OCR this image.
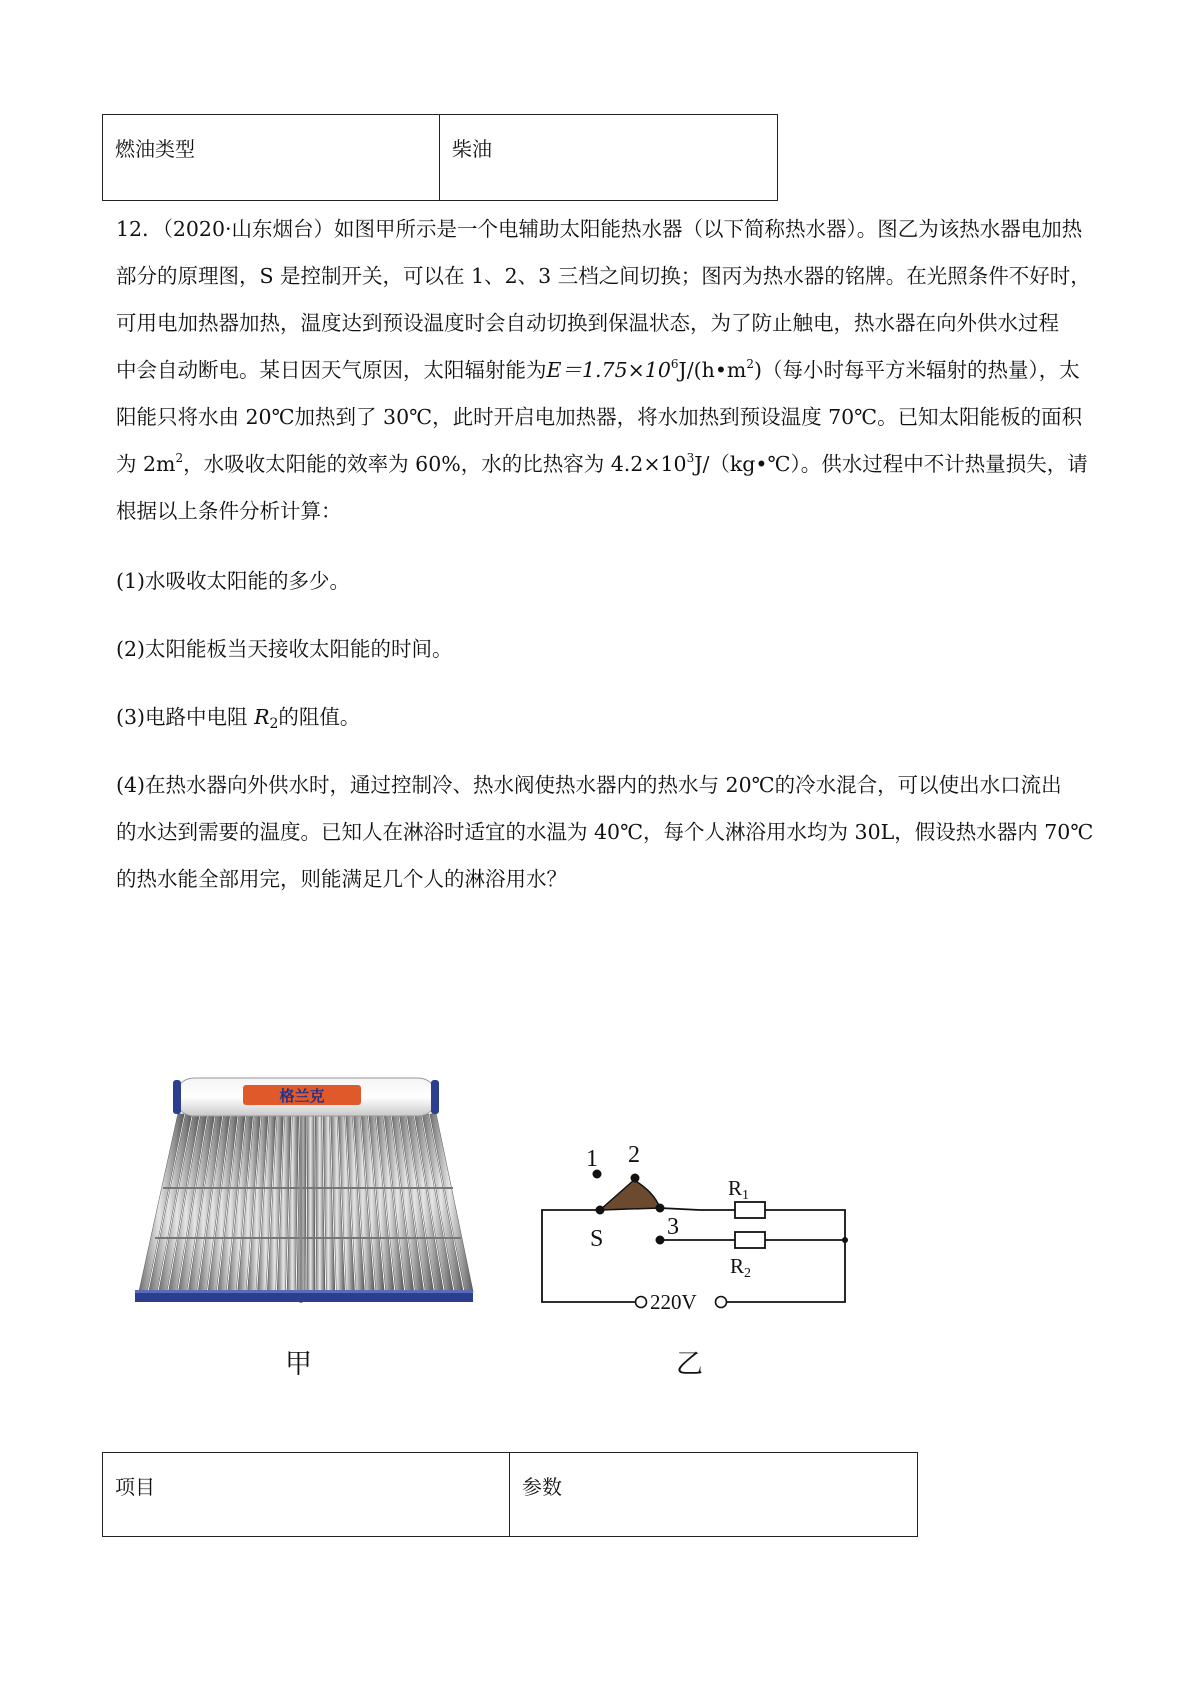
燃油类型	柴油
12．（2020·山东烟台）如图甲所示是一个电辅助太阳能热水器（以下简称热水器）。图乙为该热水器电加热
部分的原理图，S 是控制开关，可以在 1、2、3 三档之间切换；图丙为热水器的铭牌。在光照条件不好时，
可用电加热器加热，温度达到预设温度时会自动切换到保温状态，为了防止触电，热水器在向外供水过程
中会自动断电。某日因天气原因，太阳辐射能为$E=1.75\times 10^6J/(h•m^2)$（每小时每平方米辐射的热量），太
阳能只将水由 20℃加热到了 30℃，此时开启电加热器，将水加热到预设温度 70℃。已知太阳能板的面积
为 $2m^2$，水吸收太阳能的效率为 60%，水的比热容为 $4.2\times 10^3J/(kg•℃)$。供水过程中不计热量损失，请
根据以上条件分析计算：
(1)水吸收太阳能的多少。
(2)太阳能板当天接收太阳能的时间。
(3)电路中电阻 $R_2$的阻值。
(4)在热水器向外供水时，通过控制冷、热水阀使热水器内的热水与 20℃的冷水混合，可以使出水口流出
的水达到需要的温度。已知人在淋浴时适宜的水温为 40℃，每个人淋浴用水均为 30L，假设热水器内 70℃
的热水能全部用完，则能满足几个人的淋浴用水？
格兰克
甲
1 2
3
S
R1
R2
220V
乙
项目	参数
